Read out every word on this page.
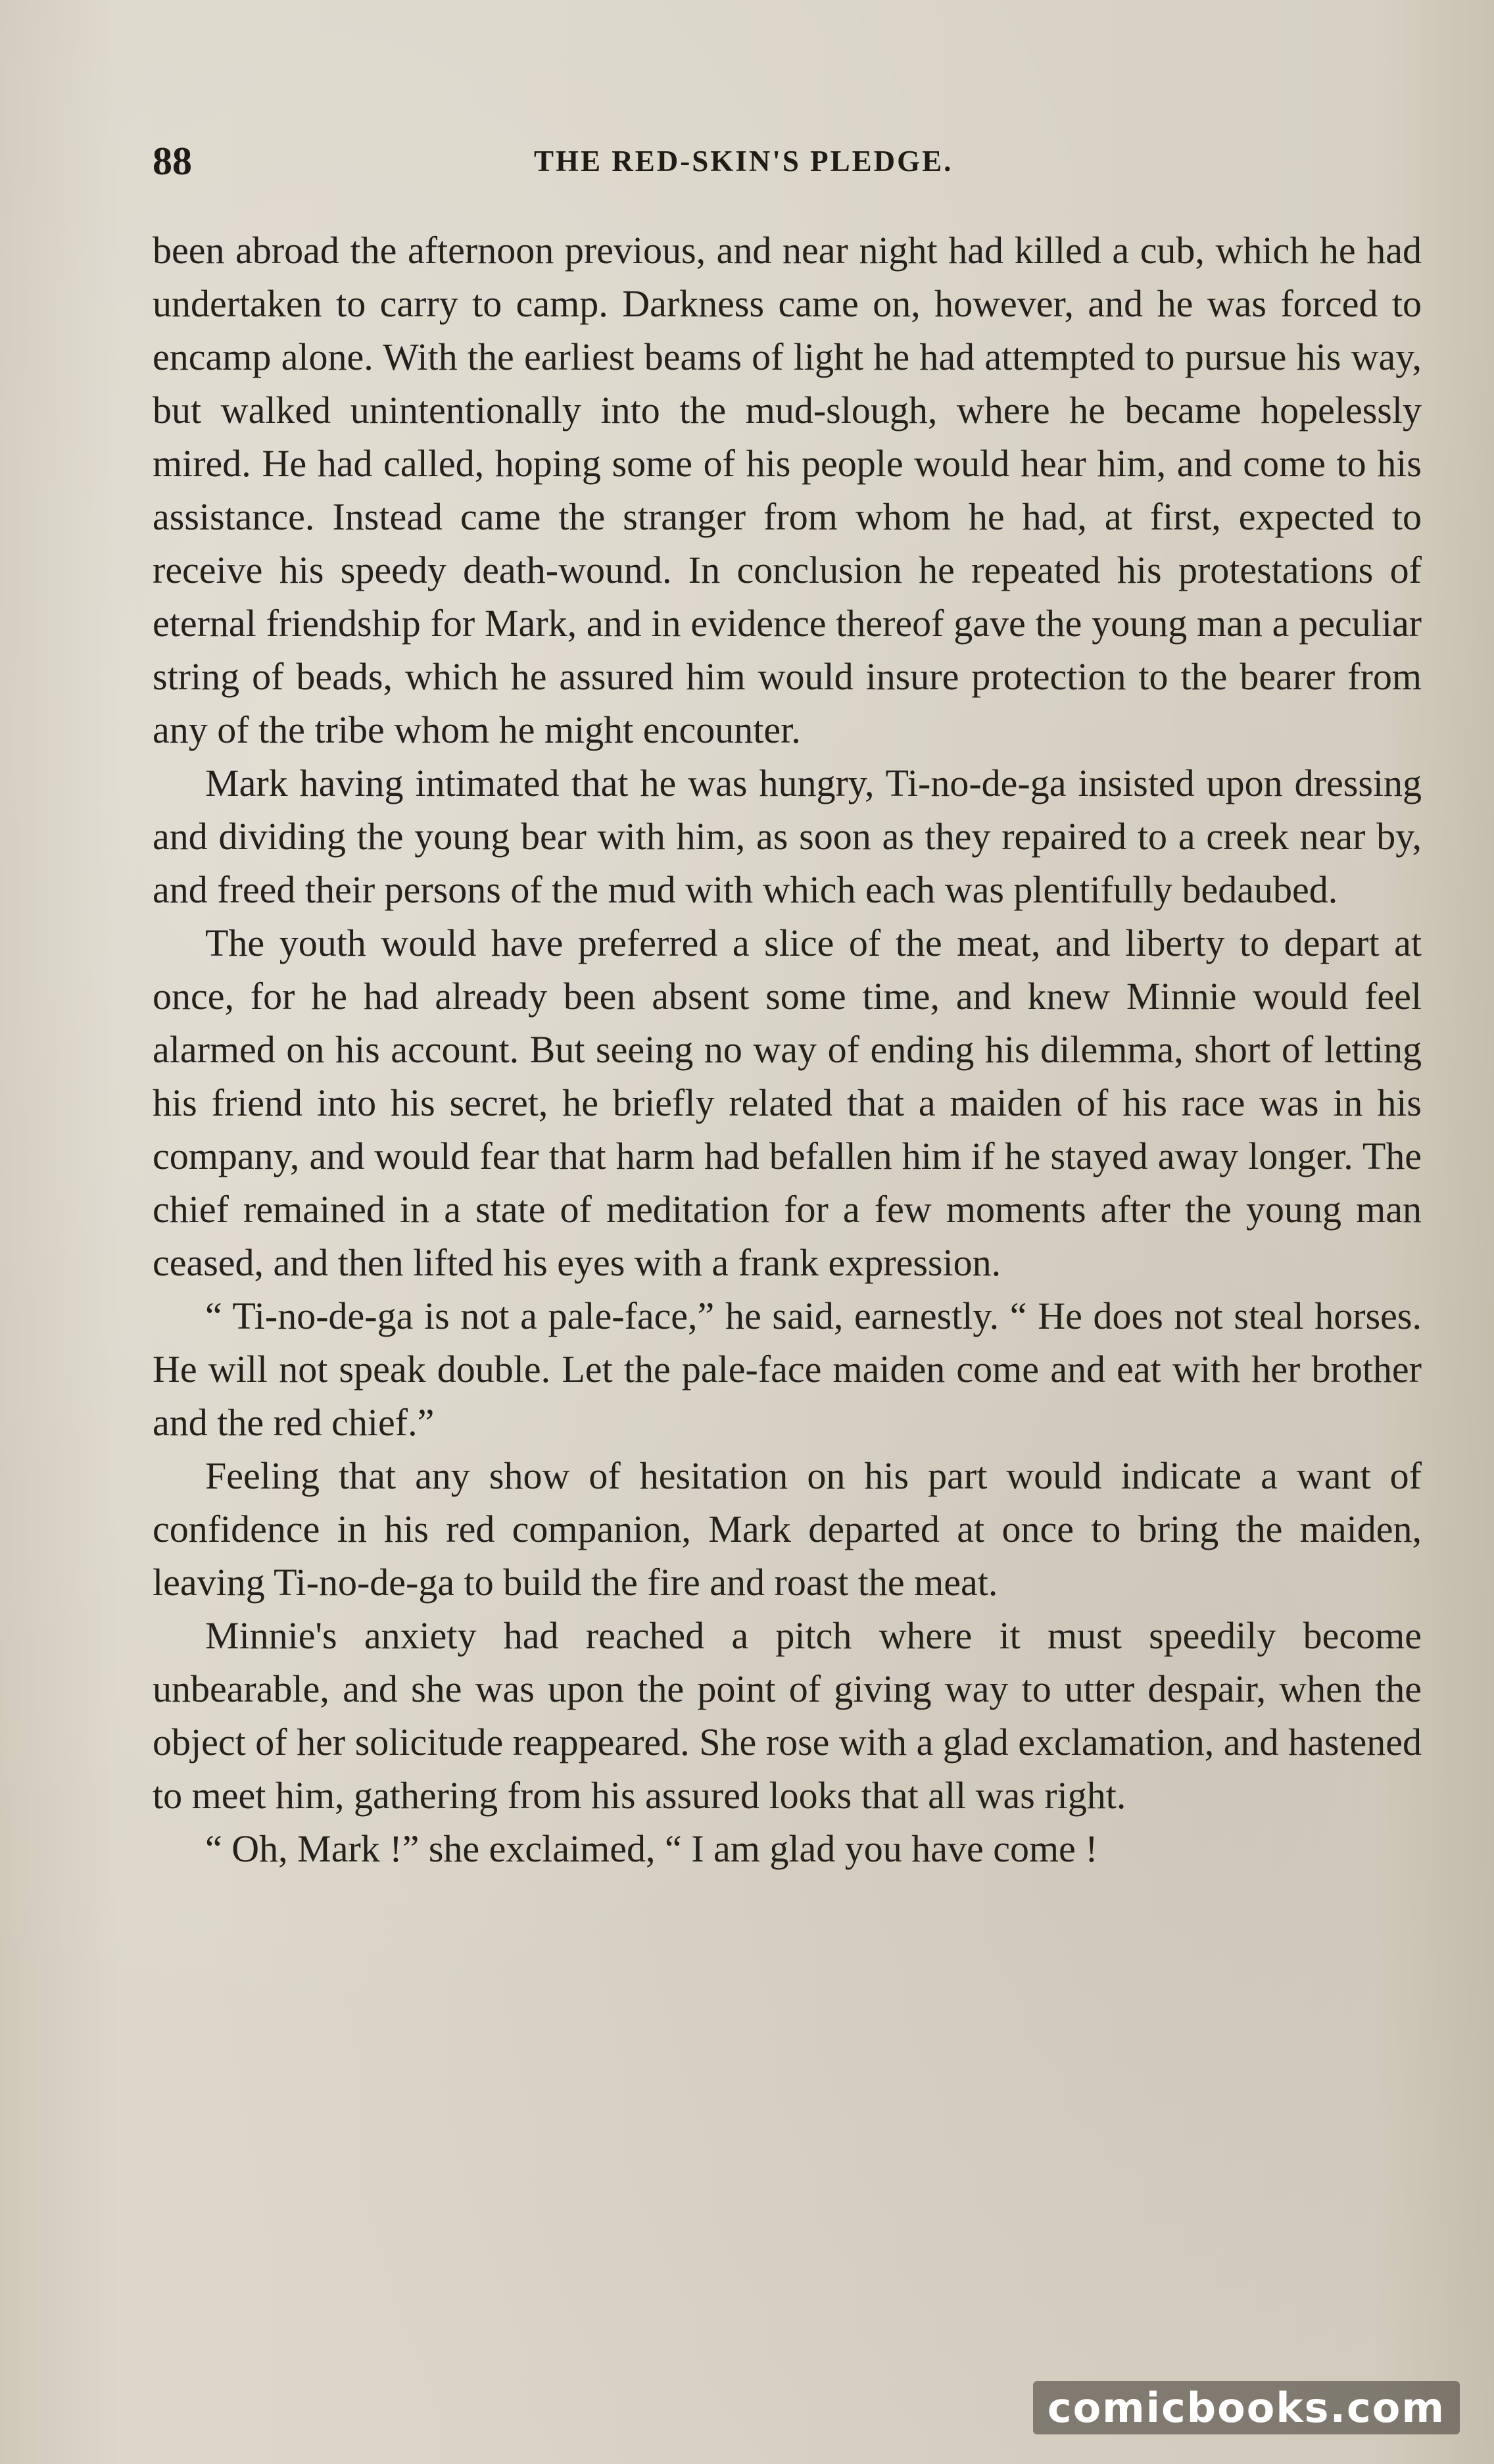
88	THE RED-SKIN'S PLEDGE.

been abroad the afternoon previous, and near night had killed a cub, which he had undertaken to carry to camp. Darkness came on, however, and he was forced to encamp alone. With the earliest beams of light he had attempted to pursue his way, but walked unintentionally into the mud-slough, where he became hopelessly mired. He had called, hoping some of his people would hear him, and come to his assistance. Instead came the stranger from whom he had, at first, expected to receive his speedy death-wound. In conclusion he repeated his protestations of eternal friendship for Mark, and in evidence thereof gave the young man a peculiar string of beads, which he assured him would insure protection to the bearer from any of the tribe whom he might encounter.

Mark having intimated that he was hungry, Ti-no-de-ga insisted upon dressing and dividing the young bear with him, as soon as they repaired to a creek near by, and freed their persons of the mud with which each was plentifully bedaubed.

The youth would have preferred a slice of the meat, and liberty to depart at once, for he had already been absent some time, and knew Minnie would feel alarmed on his account. But seeing no way of ending his dilemma, short of letting his friend into his secret, he briefly related that a maiden of his race was in his company, and would fear that harm had befallen him if he stayed away longer. The chief remained in a state of meditation for a few moments after the young man ceased, and then lifted his eyes with a frank expression.

“ Ti-no-de-ga is not a pale-face,” he said, earnestly. “ He does not steal horses. He will not speak double. Let the pale-face maiden come and eat with her brother and the red chief.”

Feeling that any show of hesitation on his part would indicate a want of confidence in his red companion, Mark departed at once to bring the maiden, leaving Ti-no-de-ga to build the fire and roast the meat.

Minnie's anxiety had reached a pitch where it must speedily become unbearable, and she was upon the point of giving way to utter despair, when the object of her solicitude reappeared. She rose with a glad exclamation, and hastened to meet him, gathering from his assured looks that all was right.

“ Oh, Mark !” she exclaimed, “ I am glad you have come !

comicbooks.com
